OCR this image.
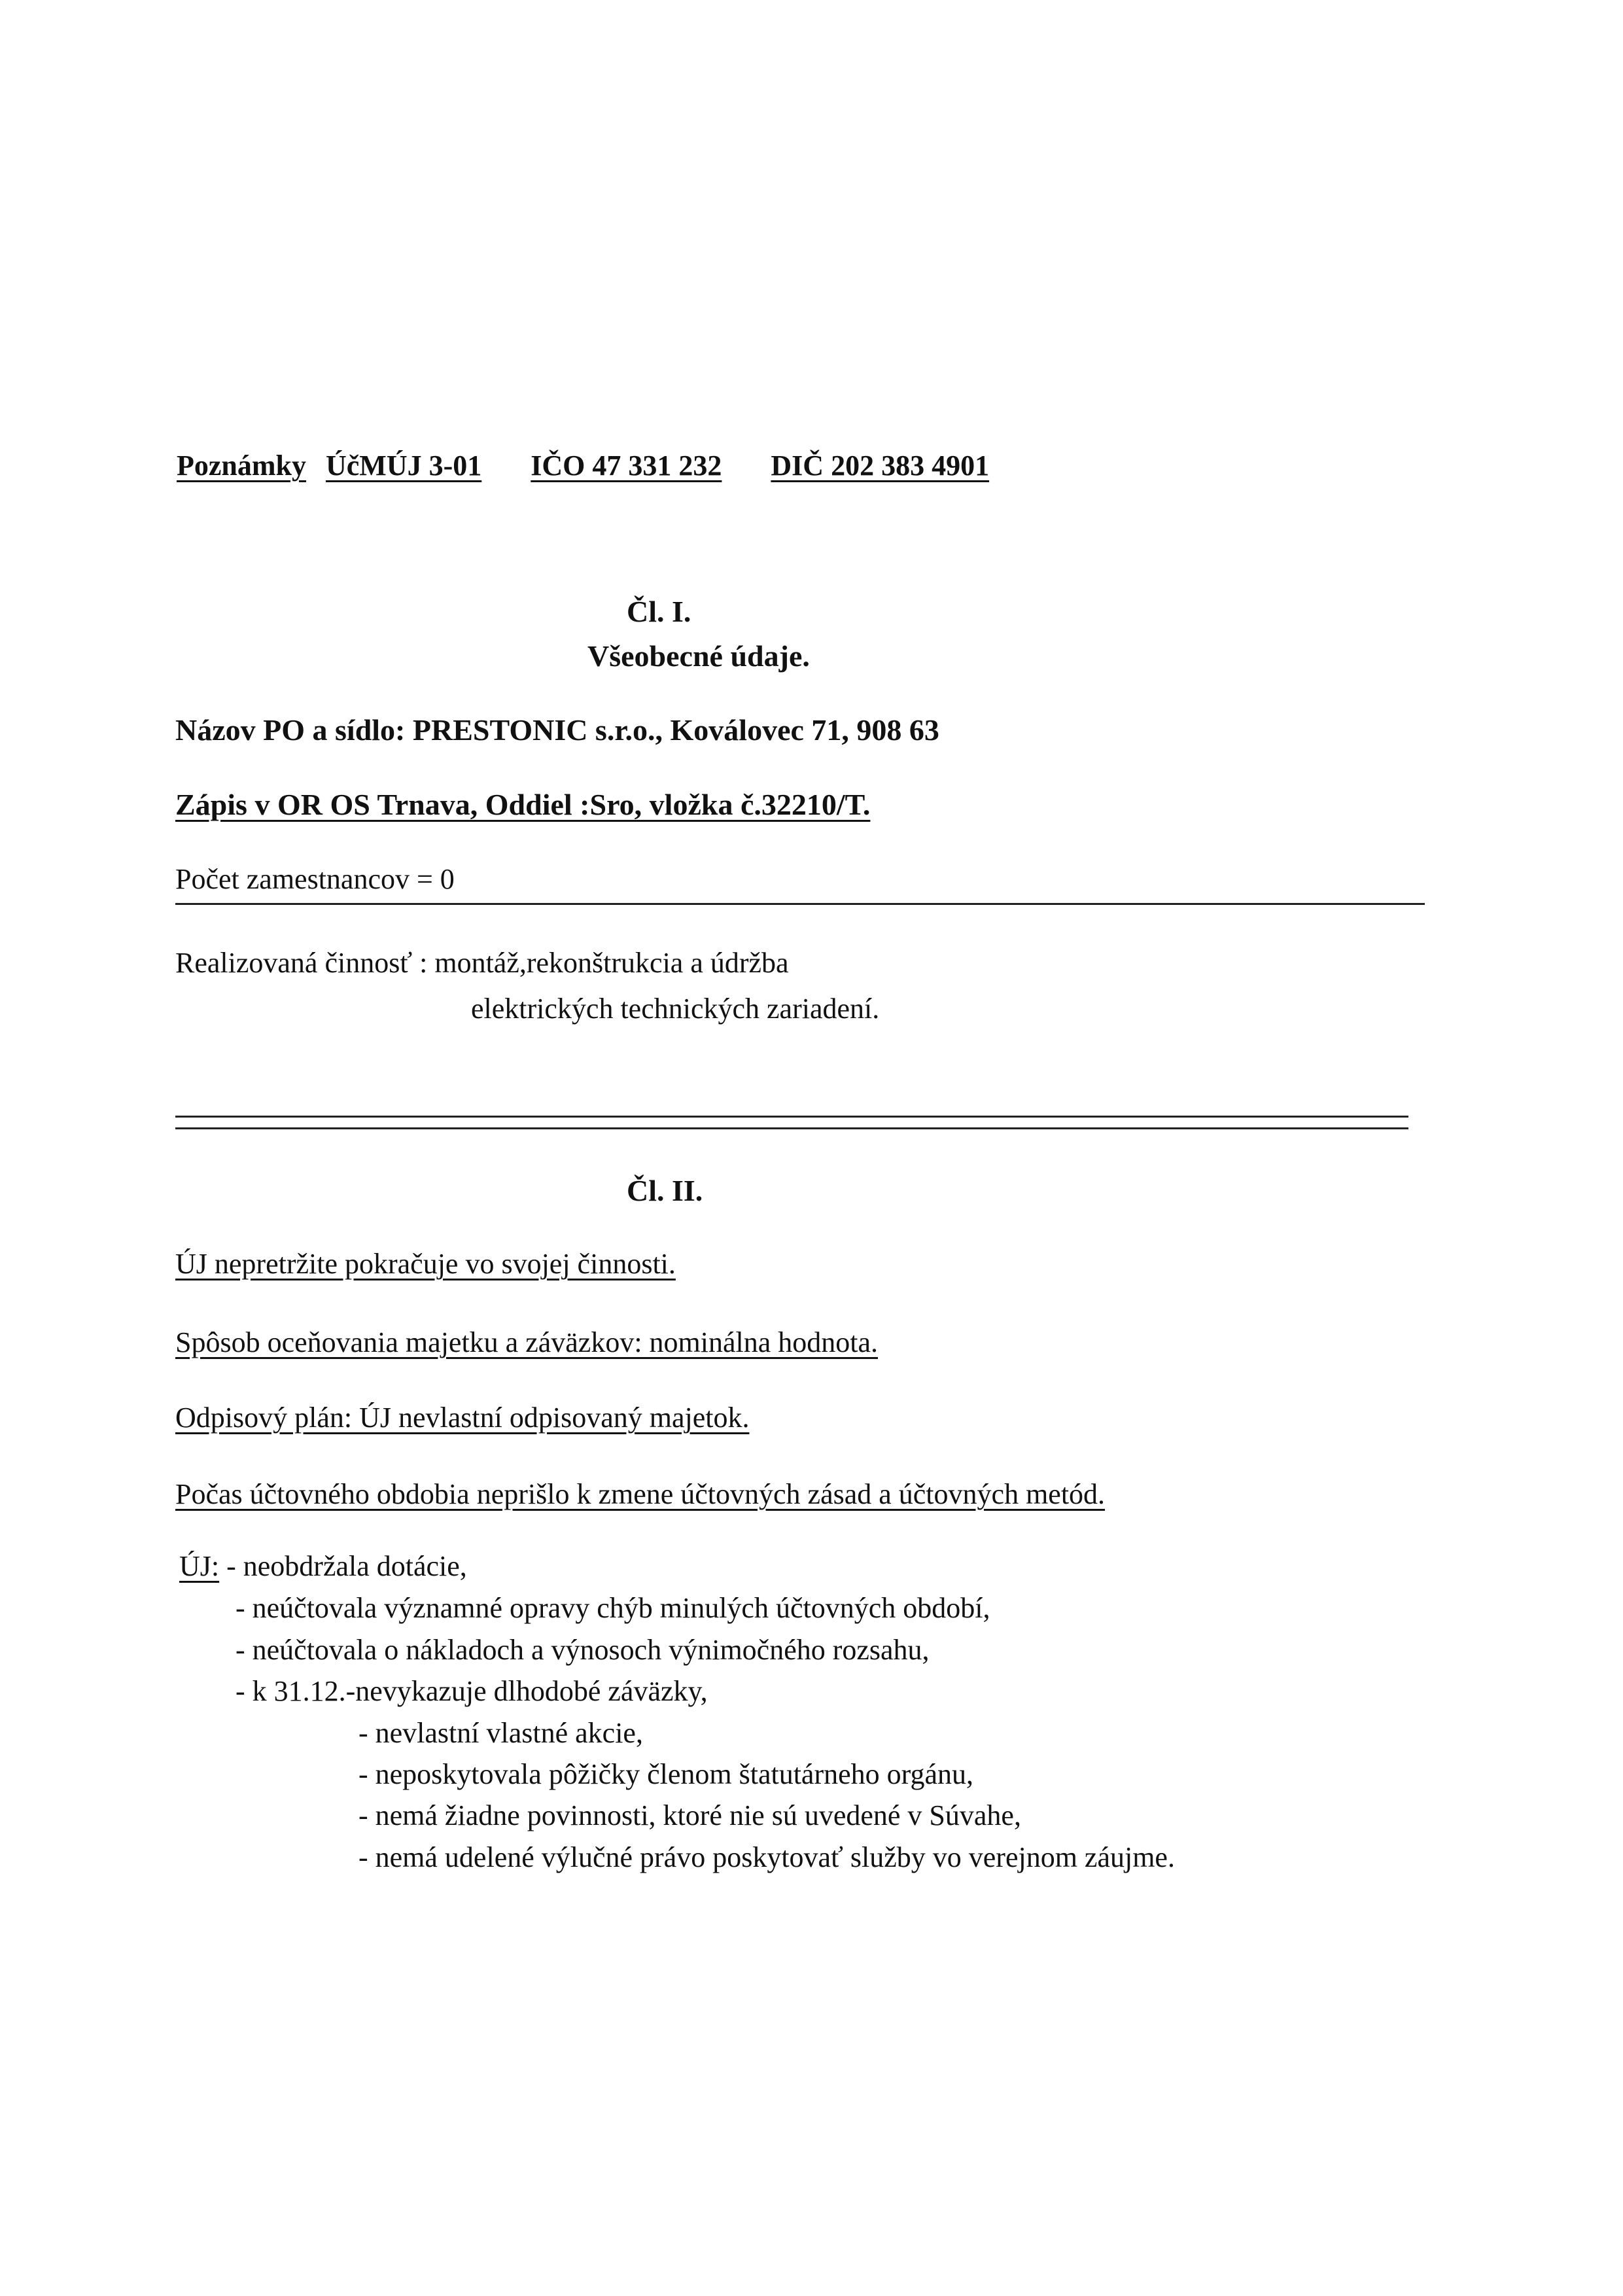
Poznámky ÚčMÚJ 3-01 IČO 47 331 232 DIČ 202 383 4901
Čl. I.
Všeobecné údaje.
Názov PO a sídlo: PRESTONIC s.r.o., Koválovec 71, 908 63
Zápis v OR OS Trnava, Oddiel :Sro, vložka č.32210/T.
Počet zamestnancov = 0
Realizovaná činnosť : montáž,rekonštrukcia a údržba
elektrických technických zariadení.
Čl. II.
ÚJ nepretržite pokračuje vo svojej činnosti.
Spôsob oceňovania majetku a záväzkov: nominálna hodnota.
Odpisový plán: ÚJ nevlastní odpisovaný majetok.
Počas účtovného obdobia neprišlo k zmene účtovných zásad a účtovných metód.
ÚJ: - neobdržala dotácie,
- neúčtovala významné opravy chýb minulých účtovných období,
- neúčtovala o nákladoch a výnosoch výnimočného rozsahu,
- k 31.12.-nevykazuje dlhodobé záväzky,
- nevlastní vlastné akcie,
- neposkytovala pôžičky členom štatutárneho orgánu,
- nemá žiadne povinnosti, ktoré nie sú uvedené v Súvahe,
- nemá udelené výlučné právo poskytovať služby vo verejnom záujme.
